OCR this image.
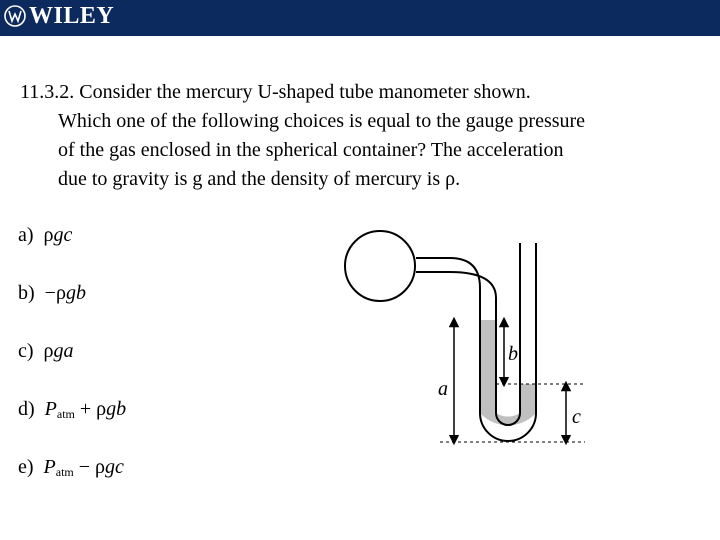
WILEY
11.3.2. Consider the mercury U-shaped tube manometer shown.
Which one of the following choices is equal to the gauge pressure
of the gas enclosed in the spherical container? The acceleration
due to gravity is g and the density of mercury is ρ.
a) ρgc
b) −ρgb
c) ρga
d) $P_{atm} + \rho gb$
e) $P_{atm} - \rho gc$
a
b
c
